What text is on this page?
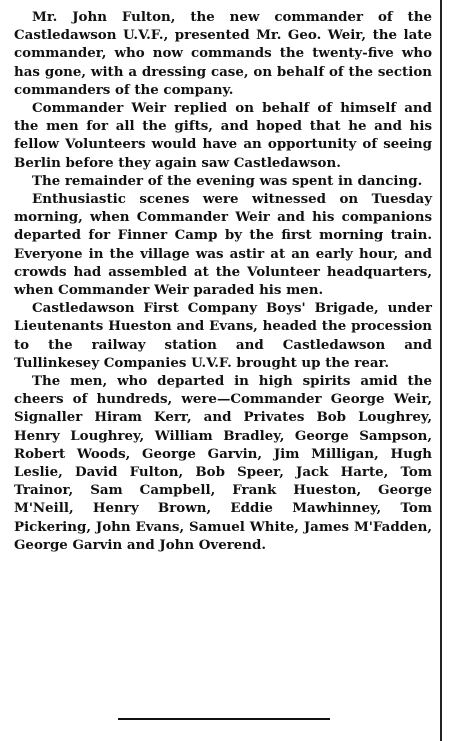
Mr. John Fulton, the new commander of the Castledawson U.V.F., presented Mr. Geo. Weir, the late commander, who now commands the twenty-five who has gone, with a dressing case, on behalf of the section commanders of the company.

Commander Weir replied on behalf of himself and the men for all the gifts, and hoped that he and his fellow Volunteers would have an opportunity of seeing Berlin before they again saw Castledawson.

The remainder of the evening was spent in dancing.

Enthusiastic scenes were witnessed on Tuesday morning, when Commander Weir and his companions departed for Finner Camp by the first morning train. Everyone in the village was astir at an early hour, and crowds had assembled at the Volunteer headquarters, when Commander Weir paraded his men.

Castledawson First Company Boys' Brigade, under Lieutenants Hueston and Evans, headed the procession to the railway station and Castledawson and Tullinkesey Companies U.V.F. brought up the rear.

The men, who departed in high spirits amid the cheers of hundreds, were—Commander George Weir, Signaller Hiram Kerr, and Privates Bob Loughrey, Henry Loughrey, William Bradley, George Sampson, Robert Woods, George Garvin, Jim Milligan, Hugh Leslie, David Fulton, Bob Speer, Jack Harte, Tom Trainor, Sam Campbell, Frank Hueston, George M'Neill, Henry Brown, Eddie Mawhinney, Tom Pickering, John Evans, Samuel White, James M'Fadden, George Garvin and John Overend.
